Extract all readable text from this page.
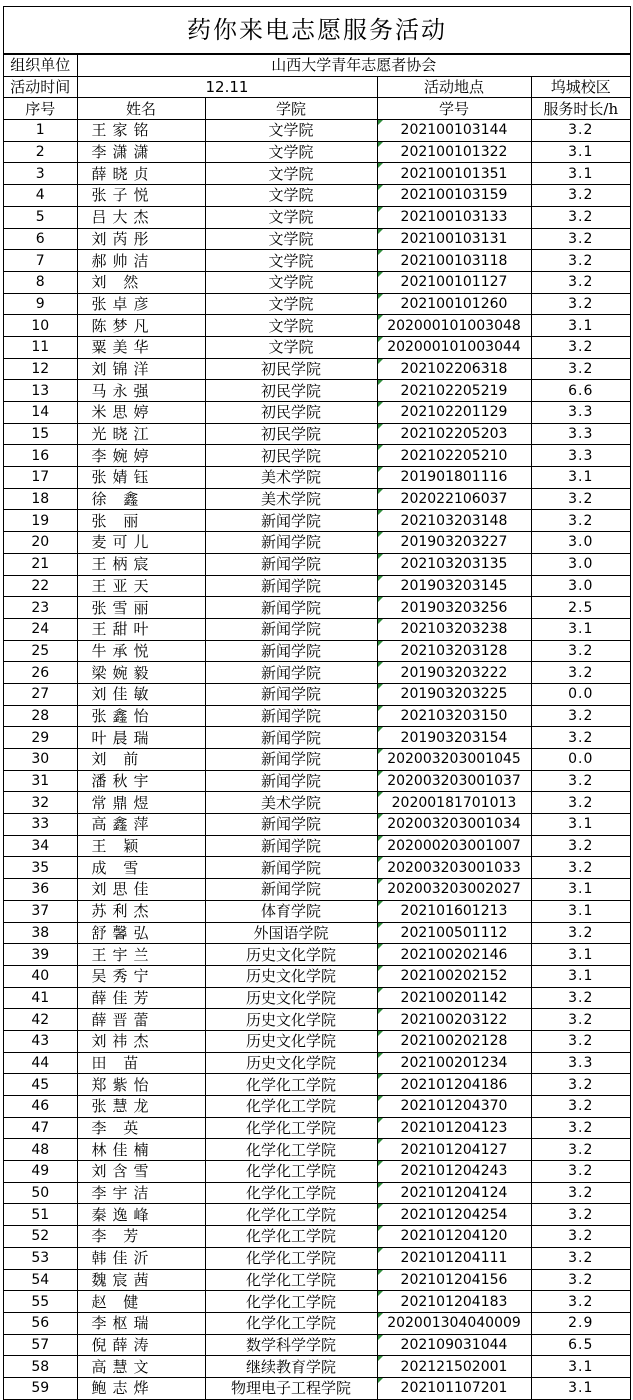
药你来电志愿服务活动
组织单位	山西大学青年志愿者协会			
活动时间	12.11		活动地点	坞城校区
序号	姓名	学院	学号	服务时长/h
1	王家铭	文学院	202100103144	3.2
2	李潇潇	文学院	202100101322	3.1
3	薛晓贞	文学院	202100101351	3.1
4	张子悦	文学院	202100103159	3.2
5	吕大杰	文学院	202100103133	3.2
6	刘芮彤	文学院	202100103131	3.2
7	郝帅洁	文学院	202100103118	3.2
8	刘 然	文学院	202100101127	3.2
9	张卓彦	文学院	202100101260	3.2
10	陈梦凡	文学院	202000101003048	3.1
11	粟美华	文学院	202000101003044	3.2
12	刘锦洋	初民学院	202102206318	3.2
13	马永强	初民学院	202102205219	6.6
14	米思婷	初民学院	202102201129	3.3
15	光晓江	初民学院	202102205203	3.3
16	李婉婷	初民学院	202102205210	3.3
17	张婧钰	美术学院	201901801116	3.1
18	徐 鑫	美术学院	202022106037	3.2
19	张 丽	新闻学院	202103203148	3.2
20	麦可儿	新闻学院	201903203227	3.0
21	王柄宸	新闻学院	202103203135	3.0
22	王亚天	新闻学院	201903203145	3.0
23	张雪丽	新闻学院	201903203256	2.5
24	王甜叶	新闻学院	202103203238	3.1
25	牛承悦	新闻学院	202103203128	3.2
26	梁婉毅	新闻学院	201903203222	3.2
27	刘佳敏	新闻学院	201903203225	0.0
28	张鑫怡	新闻学院	202103203150	3.2
29	叶晨瑞	新闻学院	201903203154	3.2
30	刘 前	新闻学院	202003203001045	0.0
31	潘秋宇	新闻学院	202003203001037	3.2
32	常鼎煜	美术学院	20200181701013	3.2
33	高鑫萍	新闻学院	202003203001034	3.1
34	王 颖	新闻学院	202000203001007	3.2
35	成 雪	新闻学院	202003203001033	3.2
36	刘思佳	新闻学院	202003203002027	3.1
37	苏利杰	体育学院	202101601213	3.1
38	舒馨弘	外国语学院	202100501112	3.2
39	王宇兰	历史文化学院	202100202146	3.1
40	吴秀宁	历史文化学院	202100202152	3.1
41	薛佳芳	历史文化学院	202100201142	3.2
42	薛晋蕾	历史文化学院	202100203122	3.2
43	刘祎杰	历史文化学院	202100202128	3.2
44	田 苗	历史文化学院	202100201234	3.3
45	郑紫怡	化学化工学院	202101204186	3.2
46	张慧龙	化学化工学院	202101204370	3.2
47	李 英	化学化工学院	202101204123	3.2
48	林佳楠	化学化工学院	202101204127	3.2
49	刘含雪	化学化工学院	202101204243	3.2
50	李宇洁	化学化工学院	202101204124	3.2
51	秦逸峰	化学化工学院	202101204254	3.2
52	李 芳	化学化工学院	202101204120	3.2
53	韩佳沂	化学化工学院	202101204111	3.2
54	魏宸茜	化学化工学院	202101204156	3.2
55	赵 健	化学化工学院	202101204183	3.2
56	李枢瑞	化学化工学院	202001304040009	2.9
57	倪薛涛	数学科学学院	202109031044	6.5
58	高慧文	继续教育学院	202121502001	3.1
59	鲍志烨	物理电子工程学院	202101107201	3.1
